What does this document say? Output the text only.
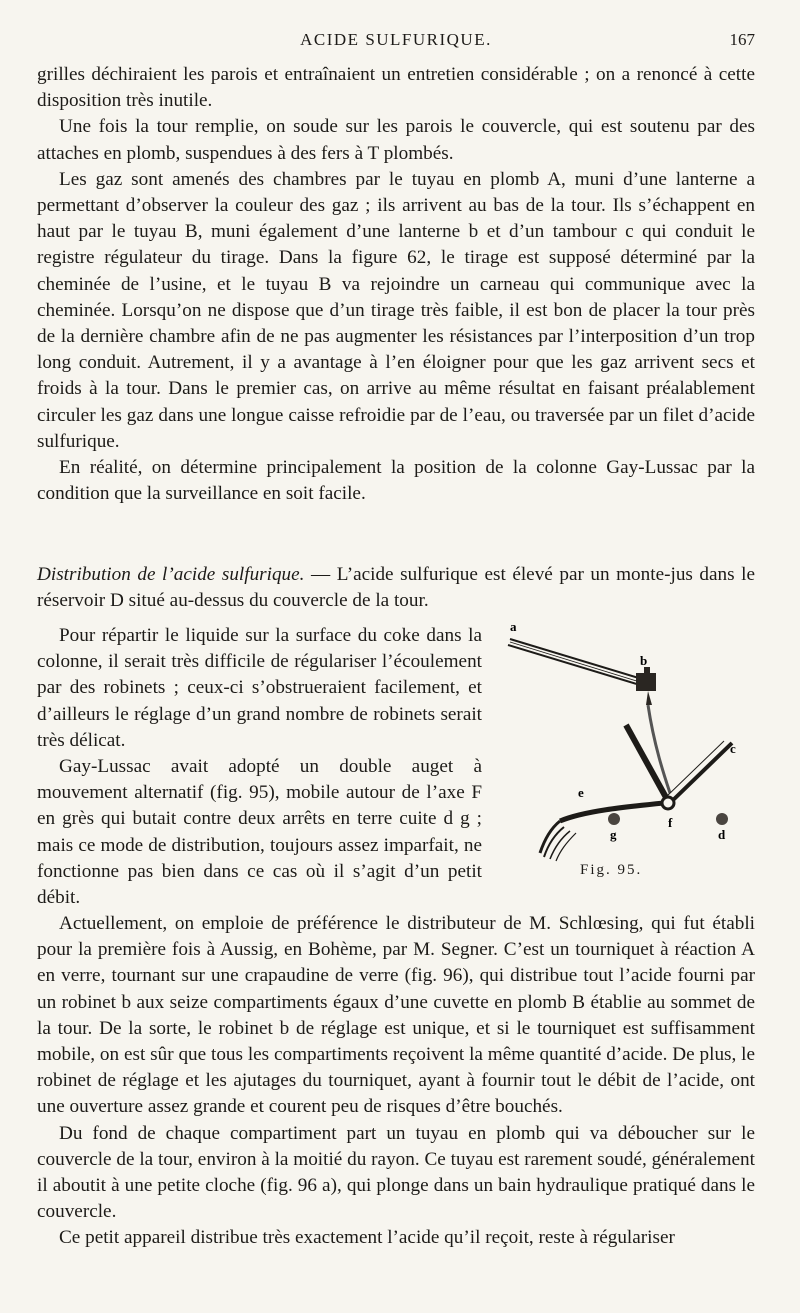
ACIDE SULFURIQUE.	167

grilles déchiraient les parois et entraînaient un entretien considérable ; on a renoncé à cette disposition très inutile.

Une fois la tour remplie, on soude sur les parois le couvercle, qui est soutenu par des attaches en plomb, suspendues à des fers à T plombés.

Les gaz sont amenés des chambres par le tuyau en plomb A, muni d’une lanterne a permettant d’observer la couleur des gaz ; ils arrivent au bas de la tour. Ils s’échappent en haut par le tuyau B, muni également d’une lanterne b et d’un tambour c qui conduit le registre régulateur du tirage. Dans la figure 62, le tirage est supposé déterminé par la cheminée de l’usine, et le tuyau B va rejoindre un carneau qui communique avec la cheminée. Lorsqu’on ne dispose que d’un tirage très faible, il est bon de placer la tour près de la dernière chambre afin de ne pas augmenter les résistances par l’interposition d’un trop long conduit. Autrement, il y a avantage à l’en éloigner pour que les gaz arrivent secs et froids à la tour. Dans le premier cas, on arrive au même résultat en faisant préalablement circuler les gaz dans une longue caisse refroidie par de l’eau, ou traversée par un filet d’acide sulfurique.

En réalité, on détermine principalement la position de la colonne Gay-Lussac par la condition que la surveillance en soit facile.

Distribution de l’acide sulfurique. — L’acide sulfurique est élevé par un monte-jus dans le réservoir D situé au-dessus du couvercle de la tour.

Pour répartir le liquide sur la surface du coke dans la colonne, il serait très difficile de régulariser l’écoulement par des robinets ; ceux-ci s’obstrueraient facilement, et d’ailleurs le réglage d’un grand nombre de robinets serait très délicat.

Gay-Lussac avait adopté un double auget à mouvement alternatif (fig. 95), mobile autour de l’axe F en grès qui butait contre deux arrêts en terre cuite d g ; mais ce mode de distribution, toujours assez imparfait, ne fonctionne pas bien dans ce cas où il s’agit d’un petit débit.

Actuellement, on emploie de préférence le distributeur de M. Schlœsing, qui fut établi pour la première fois à Aussig, en Bohème, par M. Segner. C’est un tourniquet à réaction A en verre, tournant sur une crapaudine de verre (fig. 96), qui distribue tout l’acide fourni par un robinet b aux seize compartiments égaux d’une cuvette en plomb B établie au sommet de la tour. De la sorte, le robinet b de réglage est unique, et si le tourniquet est suffisamment mobile, on est sûr que tous les compartiments reçoivent la même quantité d’acide. De plus, le robinet de réglage et les ajutages du tourniquet, ayant à fournir tout le débit de l’acide, ont une ouverture assez grande et courent peu de risques d’être bouchés.

Du fond de chaque compartiment part un tuyau en plomb qui va déboucher sur le couvercle de la tour, environ à la moitié du rayon. Ce tuyau est rarement soudé, généralement il aboutit à une petite cloche (fig. 96 a), qui plonge dans un bain hydraulique pratiqué dans le couvercle.

Ce petit appareil distribue très exactement l’acide qu’il reçoit, reste à régulariser

a
b
c
e
f
g	d
Fig. 95.
